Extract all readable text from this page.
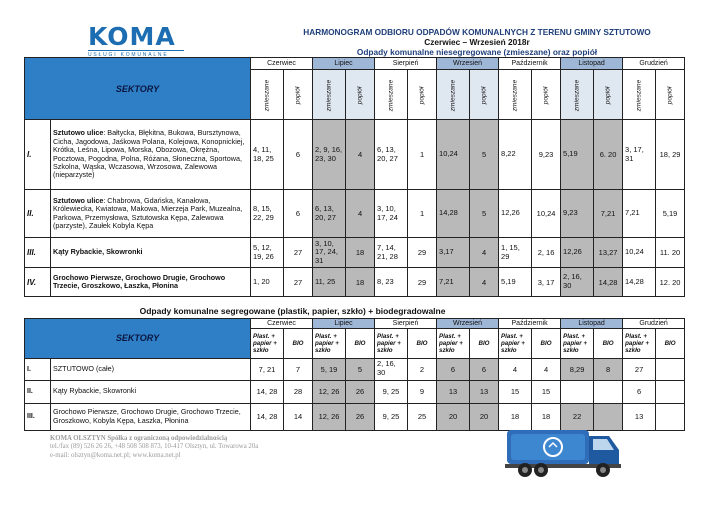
KOMA
USŁUGI KOMUNALNE
HARMONOGRAM ODBIORU ODPADÓW KOMUNALNYCH Z TERENU GMINY SZTUTOWO
Czerwiec – Wrzesień 2018r
Odpady komunalne niesegregowane (zmieszane) oraz popiół
SEKTORY		Czerwiec		Lipiec		Sierpień		Wrzesień		Październik		Listopad		Grudzień	
		zmieszane	popiół	zmieszane	popiół	zmieszane	popiół	zmieszane	popiół	zmieszane	popiół	zmieszane	popiół	zmieszane	popiół
I.	Sztutowo ulice: Bałtycka, Błękitna, Bukowa, Bursztynowa, Cicha, Jagodowa, Jaśkowa Polana, Kolejowa, Konopnickiej, Krótka, Leśna, Lipowa, Morska, Obozowa, Okrężna, Pocztowa, Pogodna, Polna, Różana, Słoneczna, Sportowa, Szkolna, Wąska, Wczasowa, Wrzosowa, Zalewowa (nieparzyste)	4, 11, 18, 25	6	2, 9, 16, 23, 30	4	6, 13, 20, 27	1	10,24	5	8,22	9,23	5,19	6. 20	3, 17, 31	18, 29
II.	Sztutowo ulice: Chabrowa, Gdańska, Kanałowa, Królewiecka, Kwiatowa, Makowa, Mierzeja Park, Muzealna, Parkowa, Przemysłowa, Sztutowska Kępa, Zalewowa (parzyste), Zaułek Kobyla Kępa	8, 15, 22, 29	6	6, 13, 20, 27	4	3, 10, 17, 24	1	14,28	5	12,26	10,24	9,23	7,21	7,21	5,19
III.	Kąty Rybackie, Skowronki	5, 12, 19, 26	27	3, 10, 17, 24, 31	18	7, 14, 21, 28	29	3,17	4	1, 15, 29	2, 16	12,26	13,27	10,24	11. 20
IV.	Grochowo Pierwsze, Grochowo Drugie, Grochowo Trzecie, Groszkowo, Łaszka, Płonina	1, 20	27	11, 25	18	8, 23	29	7,21	4	5,19	3, 17	2, 16, 30	14,28	14,28	12. 20
Odpady komunalne segregowane (plastik, papier, szkło) + biodegradowalne															
SEKTORY		Czerwiec		Lipiec		Sierpień		Wrzesień		Październik		Listopad		Grudzień	
		Plast. + papier + szkło	BIO	Plast. + papier + szkło	BIO	Plast. + papier + szkło	BIO	Plast. + papier + szkło	BIO	Plast. + papier + szkło	BIO	Plast. + papier + szkło	BIO	Plast. + papier + szkło	BIO
I.	SZTUTOWO (całe)	7, 21	7	5, 19	5	2, 16, 30	2	6	6	4	4	8,29	8	27	
II.	Kąty Rybackie, Skowronki	14, 28	28	12, 26	26	9, 25	9	13	13	15	15			6	
III.	Grochowo Pierwsze, Grochowo Drugie, Grochowo Trzecie, Groszkowo, Kobyla Kępa, Łaszka, Płonina	14, 28	14	12, 26	26	9, 25	25	20	20	18	18	22		13	
KOMA OLSZTYN Spółka z ograniczoną odpowiedzialnością
tel./fax (89) 526 26 26, +48 508 508 873, 10-417 Olsztyn, ul. Towarowa 20a
e-mail: olsztyn@koma.net.pl; www.koma.net.pl
